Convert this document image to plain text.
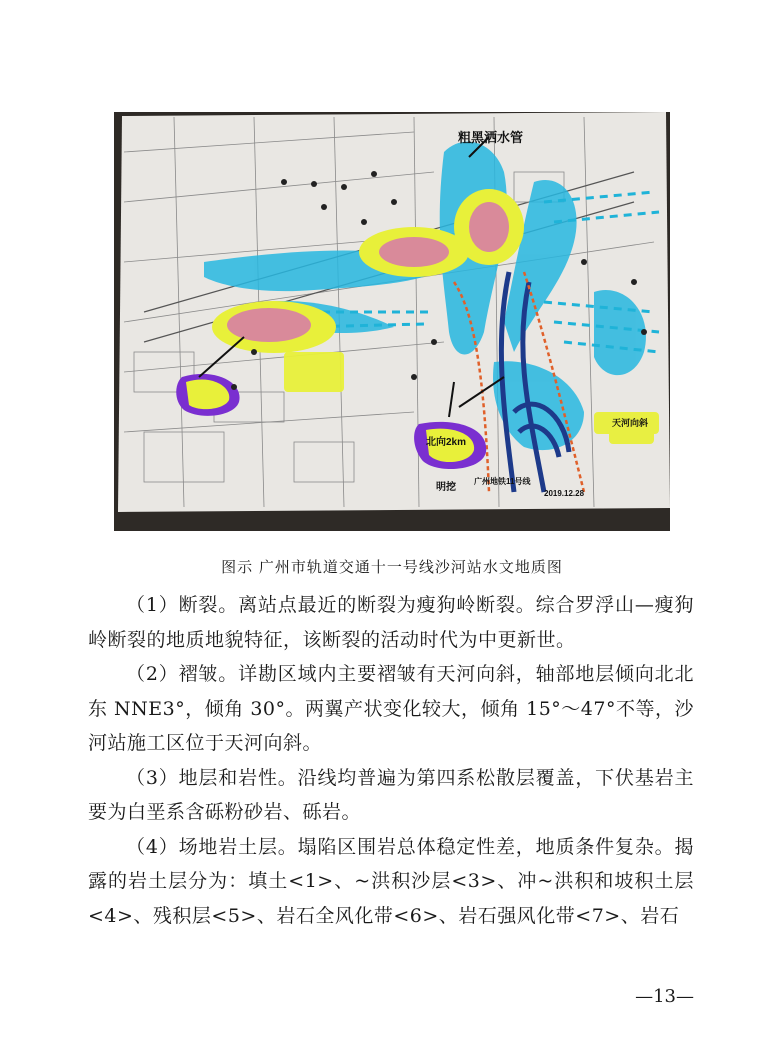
粗黑洒水管
北向2km
明挖
广州地铁11号线
2019.12.28
天河向斜
图示 广州市轨道交通十一号线沙河站水文地质图

（1）断裂。离站点最近的断裂为瘦狗岭断裂。综合罗浮山—瘦狗岭断裂的地质地貌特征，该断裂的活动时代为中更新世。

（2）褶皱。详勘区域内主要褶皱有天河向斜，轴部地层倾向北北东 NNE3°，倾角 30°。两翼产状变化较大，倾角 15°～47°不等，沙河站施工区位于天河向斜。

（3）地层和岩性。沿线均普遍为第四系松散层覆盖，下伏基岩主要为白垩系含砾粉砂岩、砾岩。

（4）场地岩土层。塌陷区围岩总体稳定性差，地质条件复杂。揭露的岩土层分为：填土<1>、~洪积沙层<3>、冲~洪积和坡积土层<4>、残积层<5>、岩石全风化带<6>、岩石强风化带<7>、岩石

—13—
